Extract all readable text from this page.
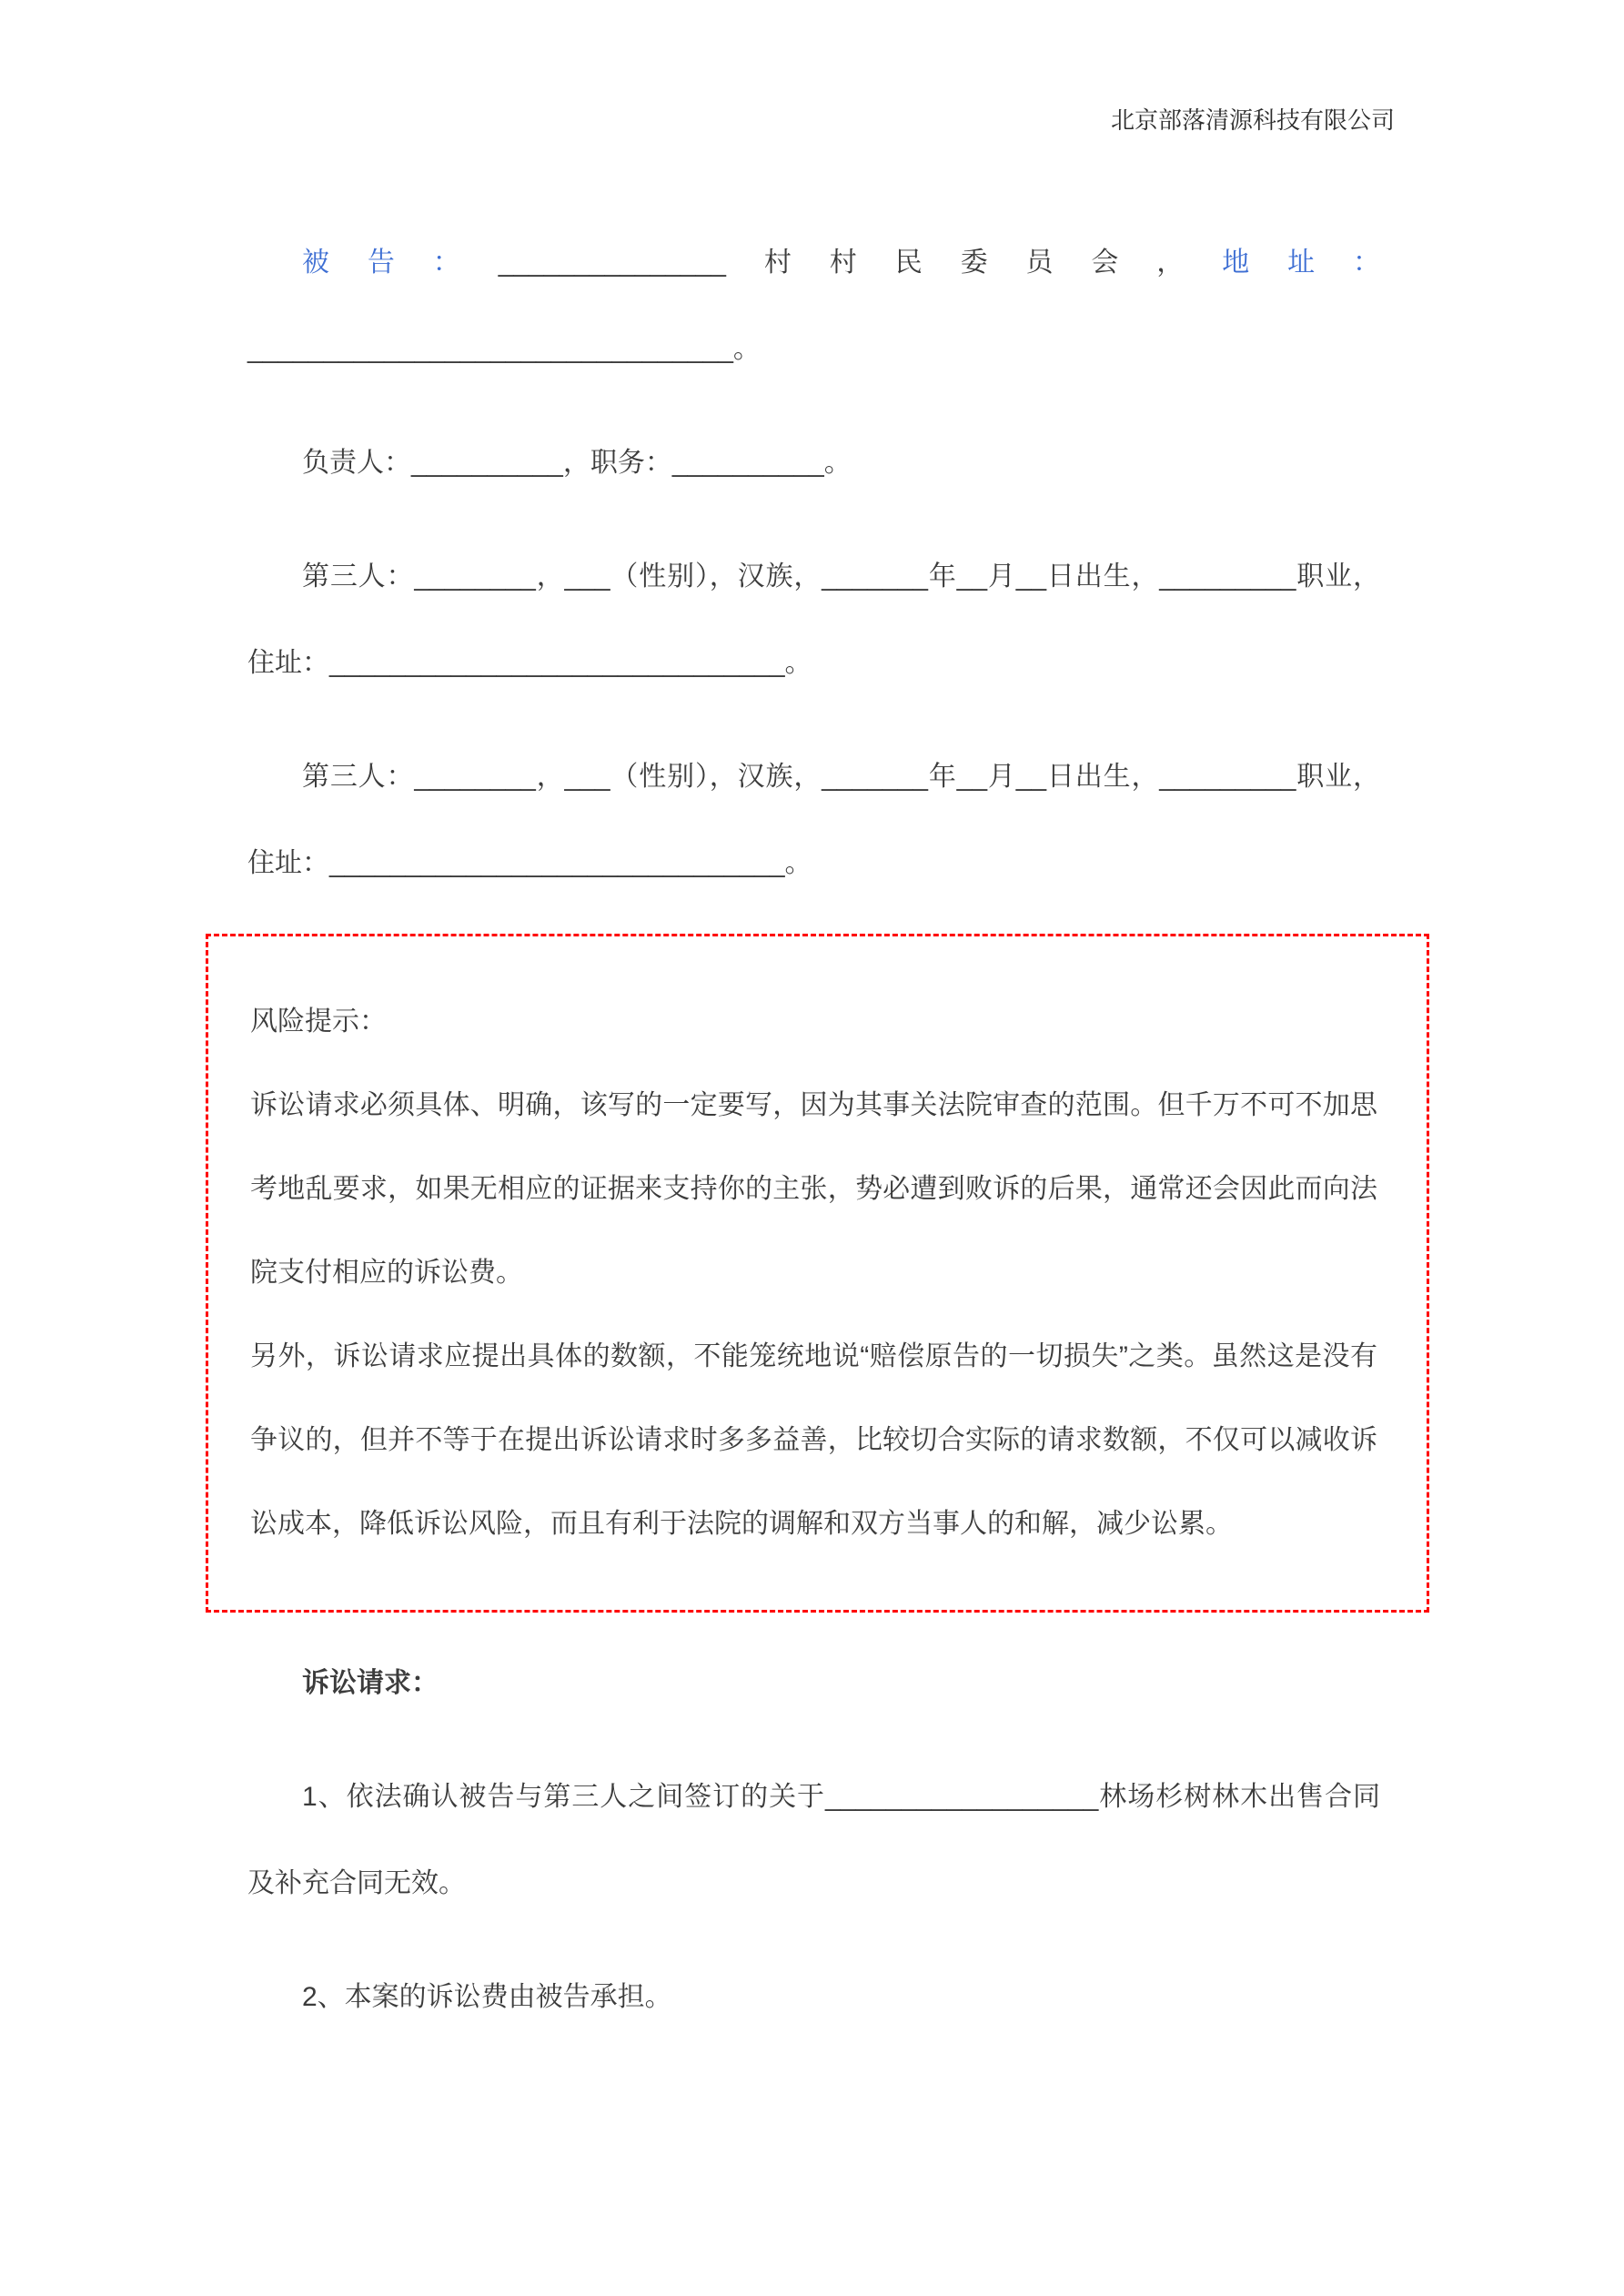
北京部落清源科技有限公司

被告：_______________村村民委员会，地址：________________________________。

负责人：__________，职务：__________。

第三人：________，___（性别），汉族，_______年__月__日出生，_________职业，住址：______________________________。

第三人：________，___（性别），汉族，_______年__月__日出生，_________职业，住址：______________________________。

风险提示：

诉讼请求必须具体、明确，该写的一定要写，因为其事关法院审查的范围。但千万不可不加思考地乱要求，如果无相应的证据来支持你的主张，势必遭到败诉的后果，通常还会因此而向法院支付相应的诉讼费。

另外，诉讼请求应提出具体的数额，不能笼统地说“赔偿原告的一切损失”之类。虽然这是没有争议的，但并不等于在提出诉讼请求时多多益善，比较切合实际的请求数额，不仅可以减收诉讼成本，降低诉讼风险，而且有利于法院的调解和双方当事人的和解，减少讼累。

诉讼请求：

1、依法确认被告与第三人之间签订的关于__________________林场杉树林木出售合同及补充合同无效。

2、本案的诉讼费由被告承担。
